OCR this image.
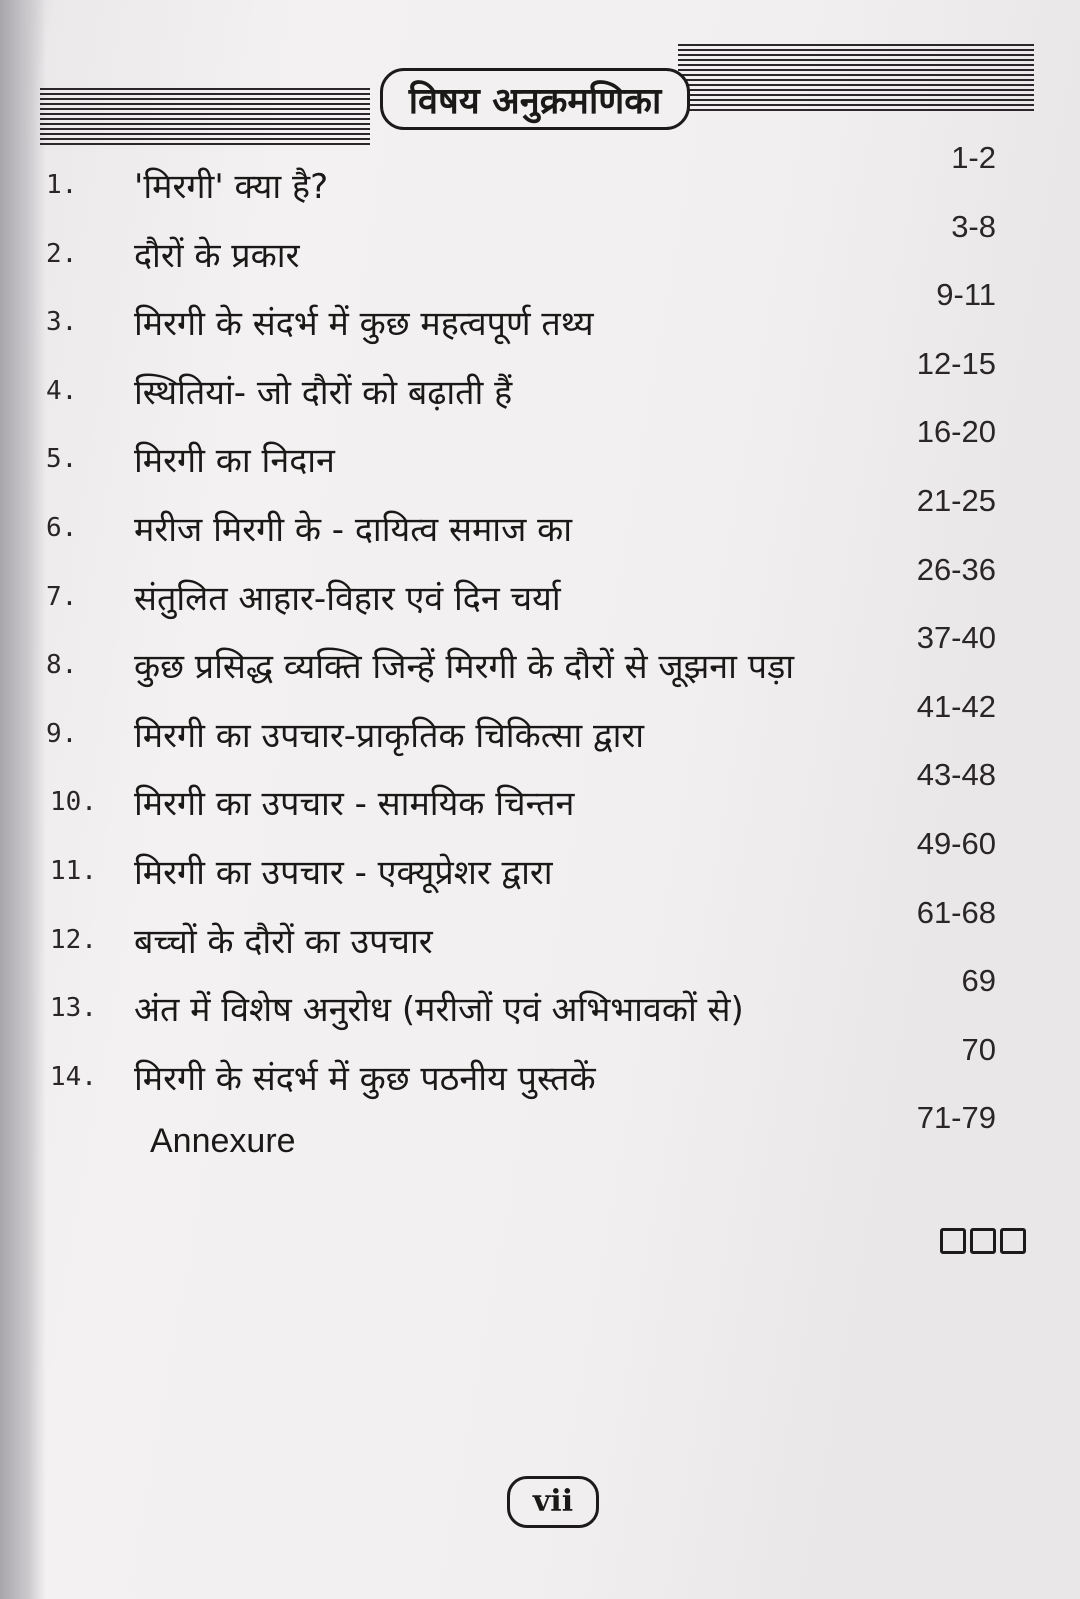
विषय अनुक्रमणिका
1. 'मिरगी' क्या है?
1-2
2. दौरों के प्रकार
3-8
3. मिरगी के संदर्भ में कुछ महत्वपूर्ण तथ्य
9-11
4. स्थितियां- जो दौरों को बढ़ाती हैं
12-15
5. मिरगी का निदान
16-20
6. मरीज मिरगी के - दायित्व समाज का
21-25
7. संतुलित आहार-विहार एवं दिन चर्या
26-36
8. कुछ प्रसिद्ध व्यक्ति जिन्हें मिरगी के दौरों से जूझना पड़ा
37-40
9. मिरगी का उपचार-प्राकृतिक चिकित्सा द्वारा
41-42
10. मिरगी का उपचार - सामयिक चिन्तन
43-48
11. मिरगी का उपचार - एक्यूप्रेशर द्वारा
49-60
12. बच्चों के दौरों का उपचार
61-68
13. अंत में विशेष अनुरोध (मरीजों एवं अभिभावकों से)
69
14. मिरगी के संदर्भ में कुछ पठनीय पुस्तकें
70
Annexure
71-79
vii
